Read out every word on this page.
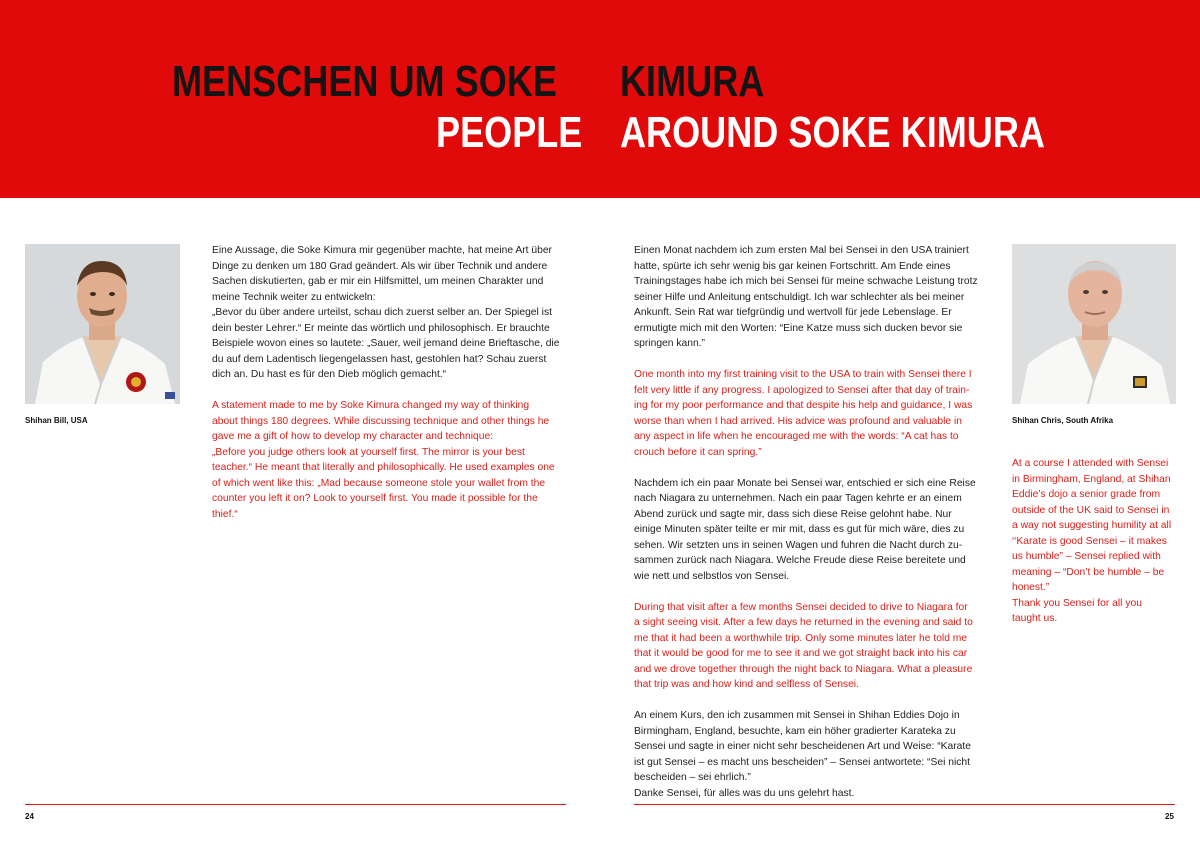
MENSCHEN UM SOKE KIMURA
PEOPLE AROUND SOKE KIMURA
Shihan Bill, USA

Eine Aussage, die Soke Kimura mir gegenüber machte, hat meine Art über

Dinge zu denken um 180 Grad geändert. Als wir über Technik und andere

Sachen diskutierten, gab er mir ein Hilfsmittel, um meinen Charakter und

meine Technik weiter zu entwickeln:

„Bevor du über andere urteilst, schau dich zuerst selber an. Der Spiegel ist

dein bester Lehrer.“ Er meinte das wörtlich und philosophisch. Er brauchte

Beispiele wovon eines so lautete: „Sauer, weil jemand deine Brieftasche, die

du auf dem Ladentisch liegengelassen hast, gestohlen hat? Schau zuerst

dich an. Du hast es für den Dieb möglich gemacht.“

A statement made to me by Soke Kimura changed my way of thinking

about things 180 degrees. While discussing technique and other things he

gave me a gift of how to develop my character and technique:

„Before you judge others look at yourself first. The mirror is your best

teacher.“ He meant that literally and philosophically. He used examples one

of which went like this: „Mad because someone stole your wallet from the

counter you left it on? Look to yourself first. You made it possible for the

thief.“

Einen Monat nachdem ich zum ersten Mal bei Sensei in den USA trainiert

hatte, spürte ich sehr wenig bis gar keinen Fortschritt. Am Ende eines

Trainingstages habe ich mich bei Sensei für meine schwache Leistung trotz

seiner Hilfe und Anleitung entschuldigt. Ich war schlechter als bei meiner

Ankunft. Sein Rat war tiefgründig und wertvoll für jede Lebenslage. Er

ermutigte mich mit den Worten: “Eine Katze muss sich ducken bevor sie

springen kann.”

One month into my first training visit to the USA to train with Sensei there I

felt very little if any progress. I apologized to Sensei after that day of train-

ing for my poor performance and that despite his help and guidance, I was

worse than when I had arrived. His advice was profound and valuable in

any aspect in life when he encouraged me with the words: “A cat has to

crouch before it can spring.”

Nachdem ich ein paar Monate bei Sensei war, entschied er sich eine Reise

nach Niagara zu unternehmen. Nach ein paar Tagen kehrte er an einem

Abend zurück und sagte mir, dass sich diese Reise gelohnt habe. Nur

einige Minuten später teilte er mir mit, dass es gut für mich wäre, dies zu

sehen. Wir setzten uns in seinen Wagen und fuhren die Nacht durch zu-

sammen zurück nach Niagara. Welche Freude diese Reise bereitete und

wie nett und selbstlos von Sensei.

During that visit after a few months Sensei decided to drive to Niagara for

a sight seeing visit. After a few days he returned in the evening and said to

me that it had been a worthwhile trip. Only some minutes later he told me

that it would be good for me to see it and we got straight back into his car

and we drove together through the night back to Niagara. What a pleasure

that trip was and how kind and selfless of Sensei.

An einem Kurs, den ich zusammen mit Sensei in Shihan Eddies Dojo in

Birmingham, England, besuchte, kam ein höher gradierter Karateka zu

Sensei und sagte in einer nicht sehr bescheidenen Art und Weise: “Karate

ist gut Sensei – es macht uns bescheiden” – Sensei antwortete: “Sei nicht

bescheiden – sei ehrlich.”

Danke Sensei, für alles was du uns gelehrt hast.

Shihan Chris, South Afrika

At a course I attended with Sensei

in Birmingham, England, at Shihan

Eddie’s dojo a senior grade from

outside of the UK said to Sensei in

a way not suggesting humility at all

‘‘Karate is good Sensei – it makes

us humble” – Sensei replied with

meaning – “Don’t be humble – be

honest.”

Thank you Sensei for all you

taught us.

24	25
